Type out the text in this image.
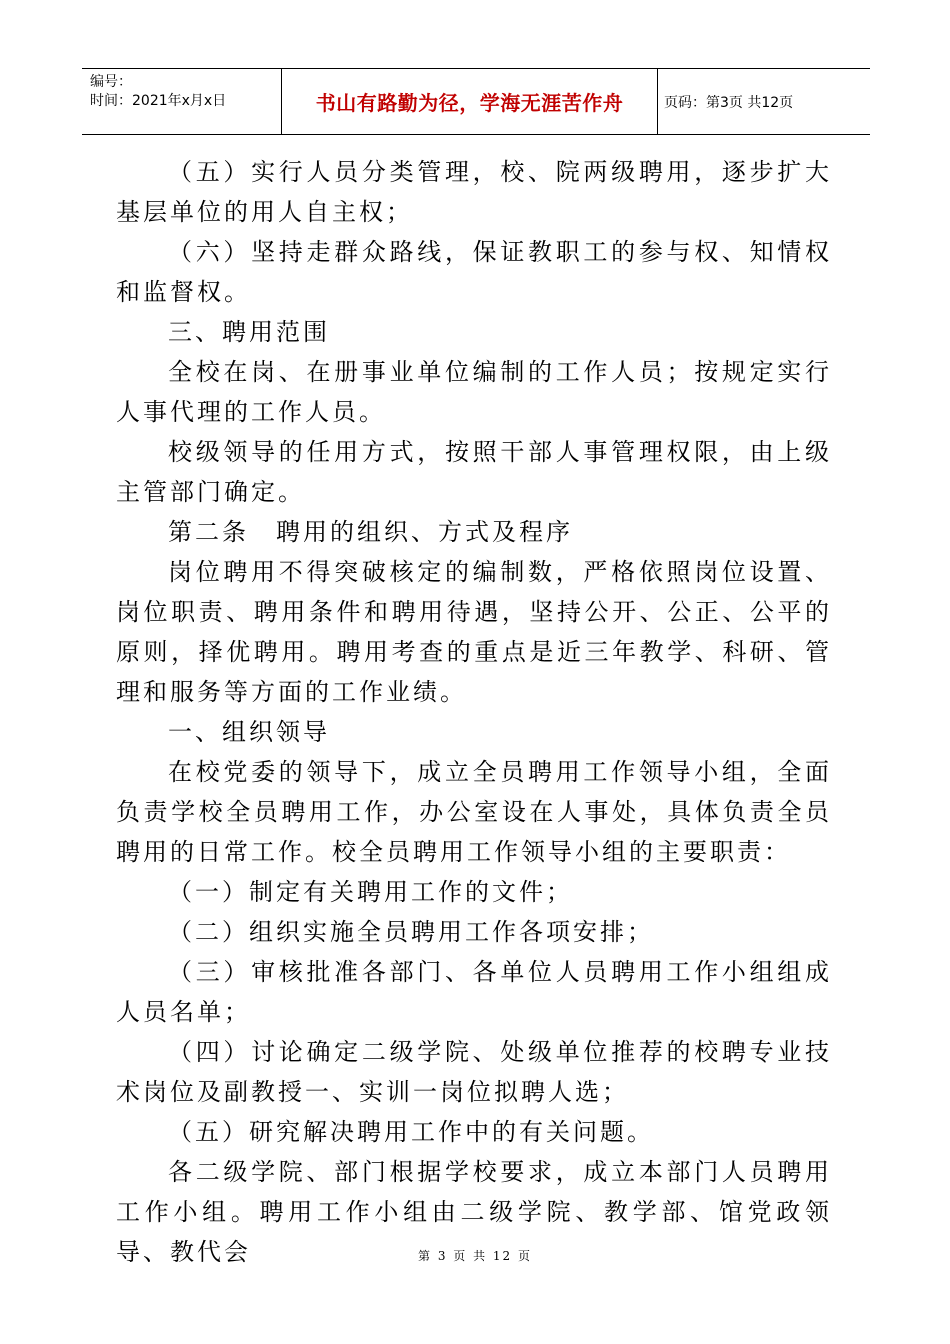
编号：
时间：2021年x月x日	书山有路勤为径，学海无涯苦作舟	页码：第3页 共12页

（五）实行人员分类管理，校、院两级聘用，逐步扩大基层单位的用人自主权；

（六）坚持走群众路线，保证教职工的参与权、知情权和监督权。

三、聘用范围

全校在岗、在册事业单位编制的工作人员；按规定实行人事代理的工作人员。

校级领导的任用方式，按照干部人事管理权限，由上级主管部门确定。

第二条　聘用的组织、方式及程序

岗位聘用不得突破核定的编制数，严格依照岗位设置、岗位职责、聘用条件和聘用待遇，坚持公开、公正、公平的原则，择优聘用。聘用考查的重点是近三年教学、科研、管理和服务等方面的工作业绩。

一、组织领导

在校党委的领导下，成立全员聘用工作领导小组，全面负责学校全员聘用工作，办公室设在人事处，具体负责全员聘用的日常工作。校全员聘用工作领导小组的主要职责：

（一）制定有关聘用工作的文件；

（二）组织实施全员聘用工作各项安排；

（三）审核批准各部门、各单位人员聘用工作小组组成人员名单；

（四）讨论确定二级学院、处级单位推荐的校聘专业技术岗位及副教授一、实训一岗位拟聘人选；

（五）研究解决聘用工作中的有关问题。

各二级学院、部门根据学校要求，成立本部门人员聘用工作小组。聘用工作小组由二级学院、教学部、馆党政领导、教代会	第 3 页 共 12 页
